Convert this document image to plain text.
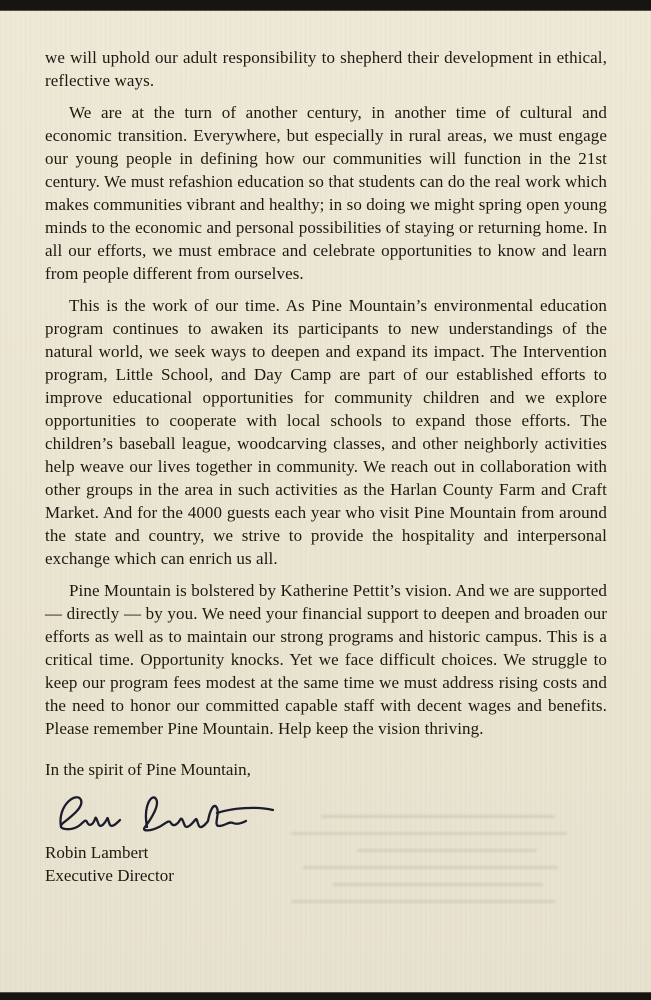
we will uphold our adult responsibility to shepherd their development in ethical, reflective ways.

We are at the turn of another century, in another time of cultural and economic transition. Everywhere, but especially in rural areas, we must engage our young people in defining how our communities will function in the 21st century. We must refashion education so that students can do the real work which makes communities vibrant and healthy; in so doing we might spring open young minds to the economic and personal possibilities of staying or returning home. In all our efforts, we must embrace and celebrate opportunities to know and learn from people different from ourselves.

This is the work of our time. As Pine Mountain’s environmental education program continues to awaken its participants to new understandings of the natural world, we seek ways to deepen and expand its impact. The Intervention program, Little School, and Day Camp are part of our established efforts to improve educational opportunities for community children and we explore opportunities to cooperate with local schools to expand those efforts. The children’s baseball league, woodcarving classes, and other neighborly activities help weave our lives together in community. We reach out in collaboration with other groups in the area in such activities as the Harlan County Farm and Craft Market. And for the 4000 guests each year who visit Pine Mountain from around the state and country, we strive to provide the hospitality and interpersonal exchange which can enrich us all.

Pine Mountain is bolstered by Katherine Pettit’s vision. And we are supported — directly — by you. We need your financial support to deepen and broaden our efforts as well as to maintain our strong programs and historic campus. This is a critical time. Opportunity knocks. Yet we face difficult choices. We struggle to keep our program fees modest at the same time we must address rising costs and the need to honor our committed capable staff with decent wages and benefits. Please remember Pine Mountain. Help keep the vision thriving.

In the spirit of Pine Mountain,
Robin Lambert
Executive Director
